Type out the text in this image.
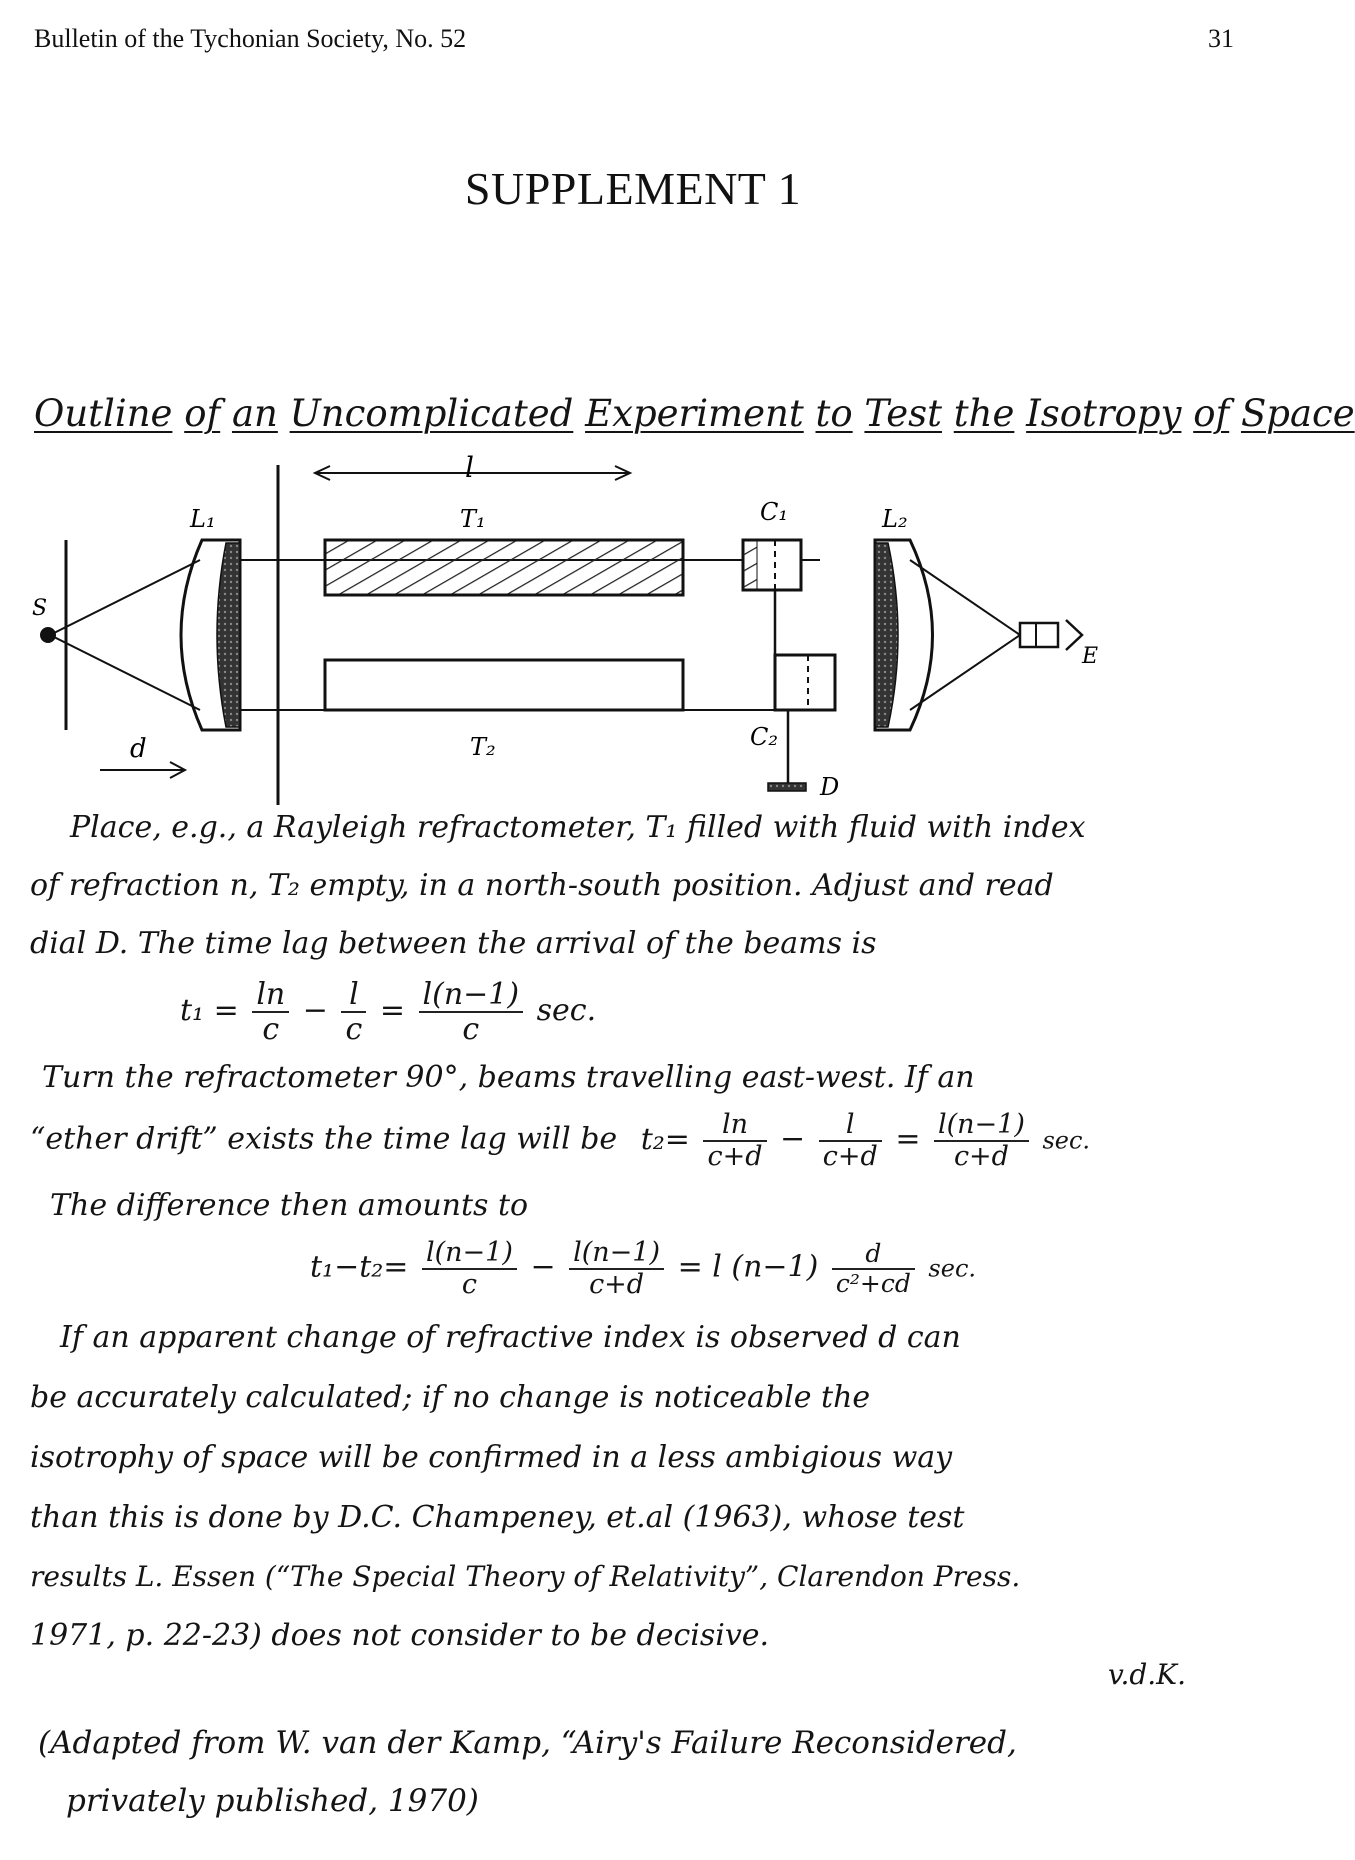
Bulletin of the Tychonian Society, No. 52	31
SUPPLEMENT 1
Outline of an Uncomplicated Experiment to Test the Isotropy of Space
S
L₁
l
T₁
T₂
C₁
C₂
D
L₂
E
d
Place, e.g., a Rayleigh refractometer, T₁ filled with fluid with index
of refraction n, T₂ empty, in a north-south position. Adjust and read
dial D. The time lag between the arrival of the beams is
$t_1 = \frac{\ln}{c} - \frac{l}{c} = \frac{l(n-1)}{c} \sec$.
Turn the refractometer 90°, beams travelling east-west. If an
“ether drift” exists the time lag will be $t_2= \frac{\ln}{c+d} - \frac{l}{c+d} = \frac{l(n-1)}{c+d} \sec$.
The difference then amounts to
$t_1-t_2= \frac{l(n-1)}{c} - \frac{l(n-1)}{c+d} = l$ $(n-1) \frac{d}{\text{c²+cd}} \sec$.
If an apparent change of refractive index is observed d can
be accurately calculated; if no change is noticeable the
isotrophy of space will be confirmed in a less ambigious way
than this is done by D.C. Champeney, et.al (1963), whose test
results L. Essen (“The Special Theory of Relativity”, Clarendon Press.
1971, p. 22-23) does not consider to be decisive.
v.d.K.
(Adapted from W. van der Kamp, “Airy's Failure Reconsidered,
privately published, 1970)
